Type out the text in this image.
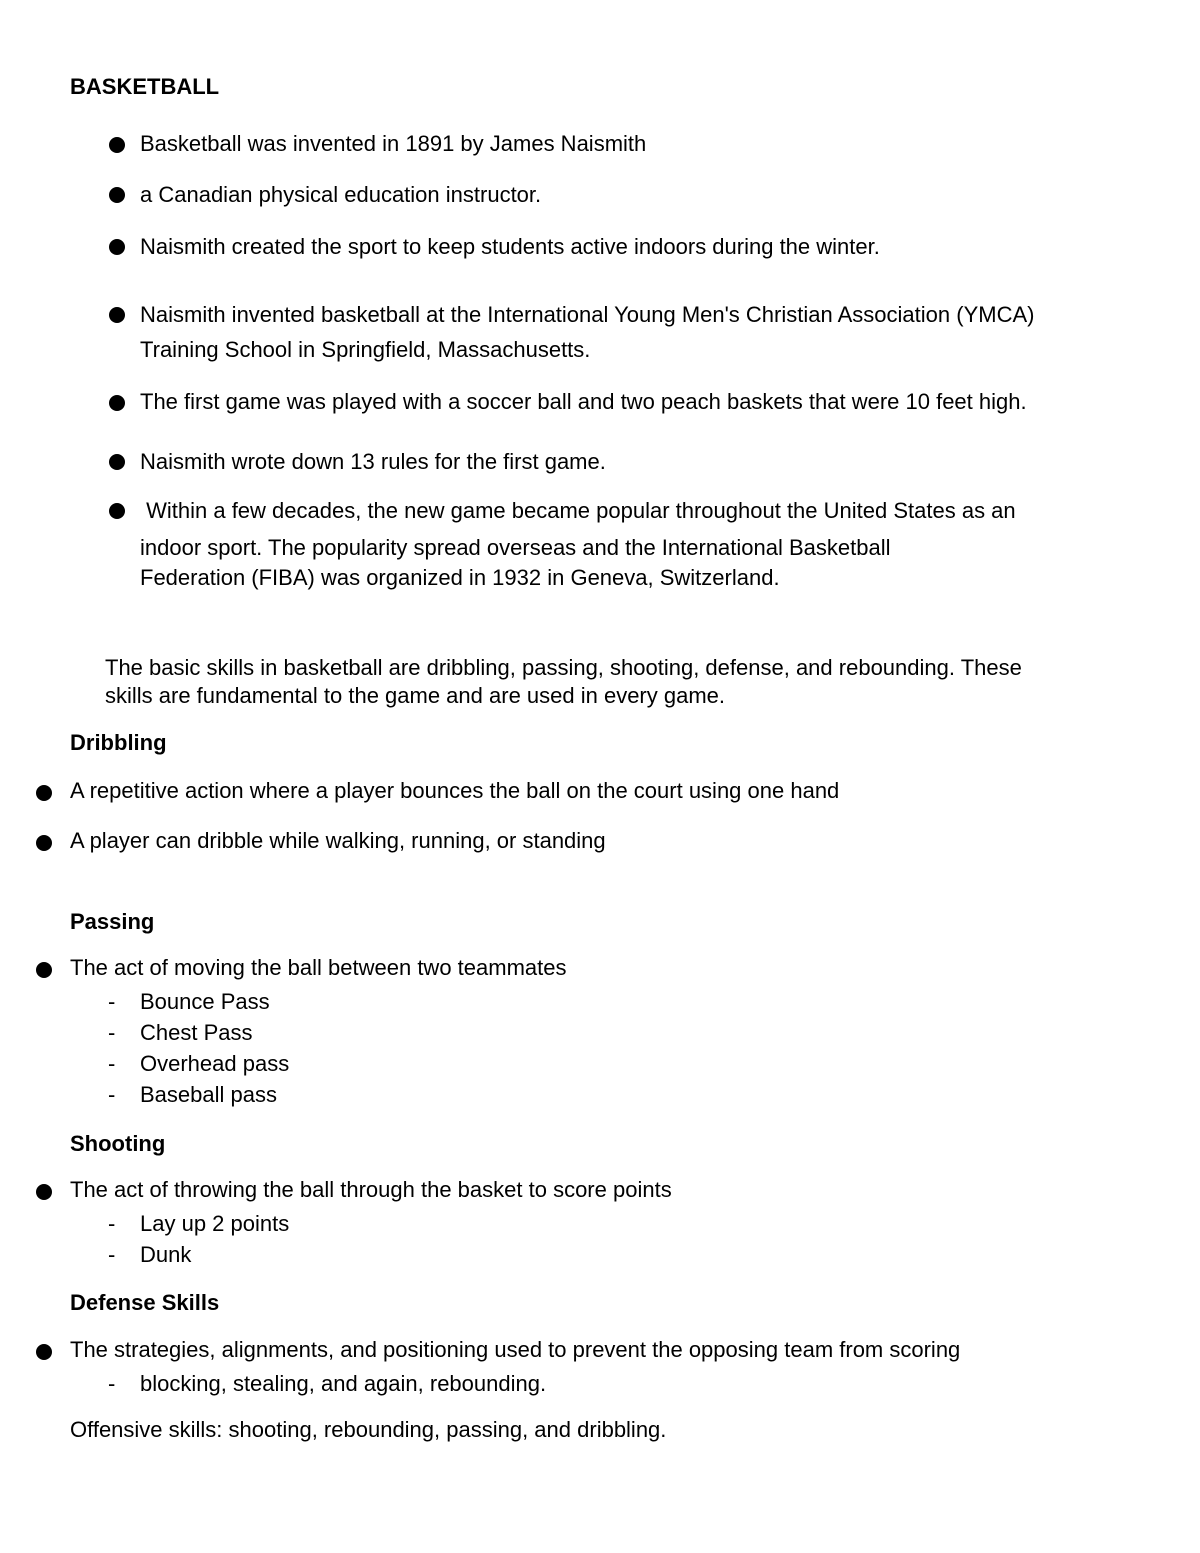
BASKETBALL
Basketball was invented in 1891 by James Naismith
a Canadian physical education instructor.
Naismith created the sport to keep students active indoors during the winter.
Naismith invented basketball at the International Young Men's Christian Association (YMCA)
Training School in Springfield, Massachusetts.
The first game was played with a soccer ball and two peach baskets that were 10 feet high.
Naismith wrote down 13 rules for the first game.
Within a few decades, the new game became popular throughout the United States as an
indoor sport. The popularity spread overseas and the International Basketball
Federation (FIBA) was organized in 1932 in Geneva, Switzerland.
The basic skills in basketball are dribbling, passing, shooting, defense, and rebounding. These
skills are fundamental to the game and are used in every game.
Dribbling
A repetitive action where a player bounces the ball on the court using one hand
A player can dribble while walking, running, or standing
Passing
The act of moving the ball between two teammates
- Bounce Pass
- Chest Pass
- Overhead pass
- Baseball pass
Shooting
The act of throwing the ball through the basket to score points
- Lay up 2 points
- Dunk
Defense Skills
The strategies, alignments, and positioning used to prevent the opposing team from scoring
- blocking, stealing, and again, rebounding.
Offensive skills: shooting, rebounding, passing, and dribbling.
